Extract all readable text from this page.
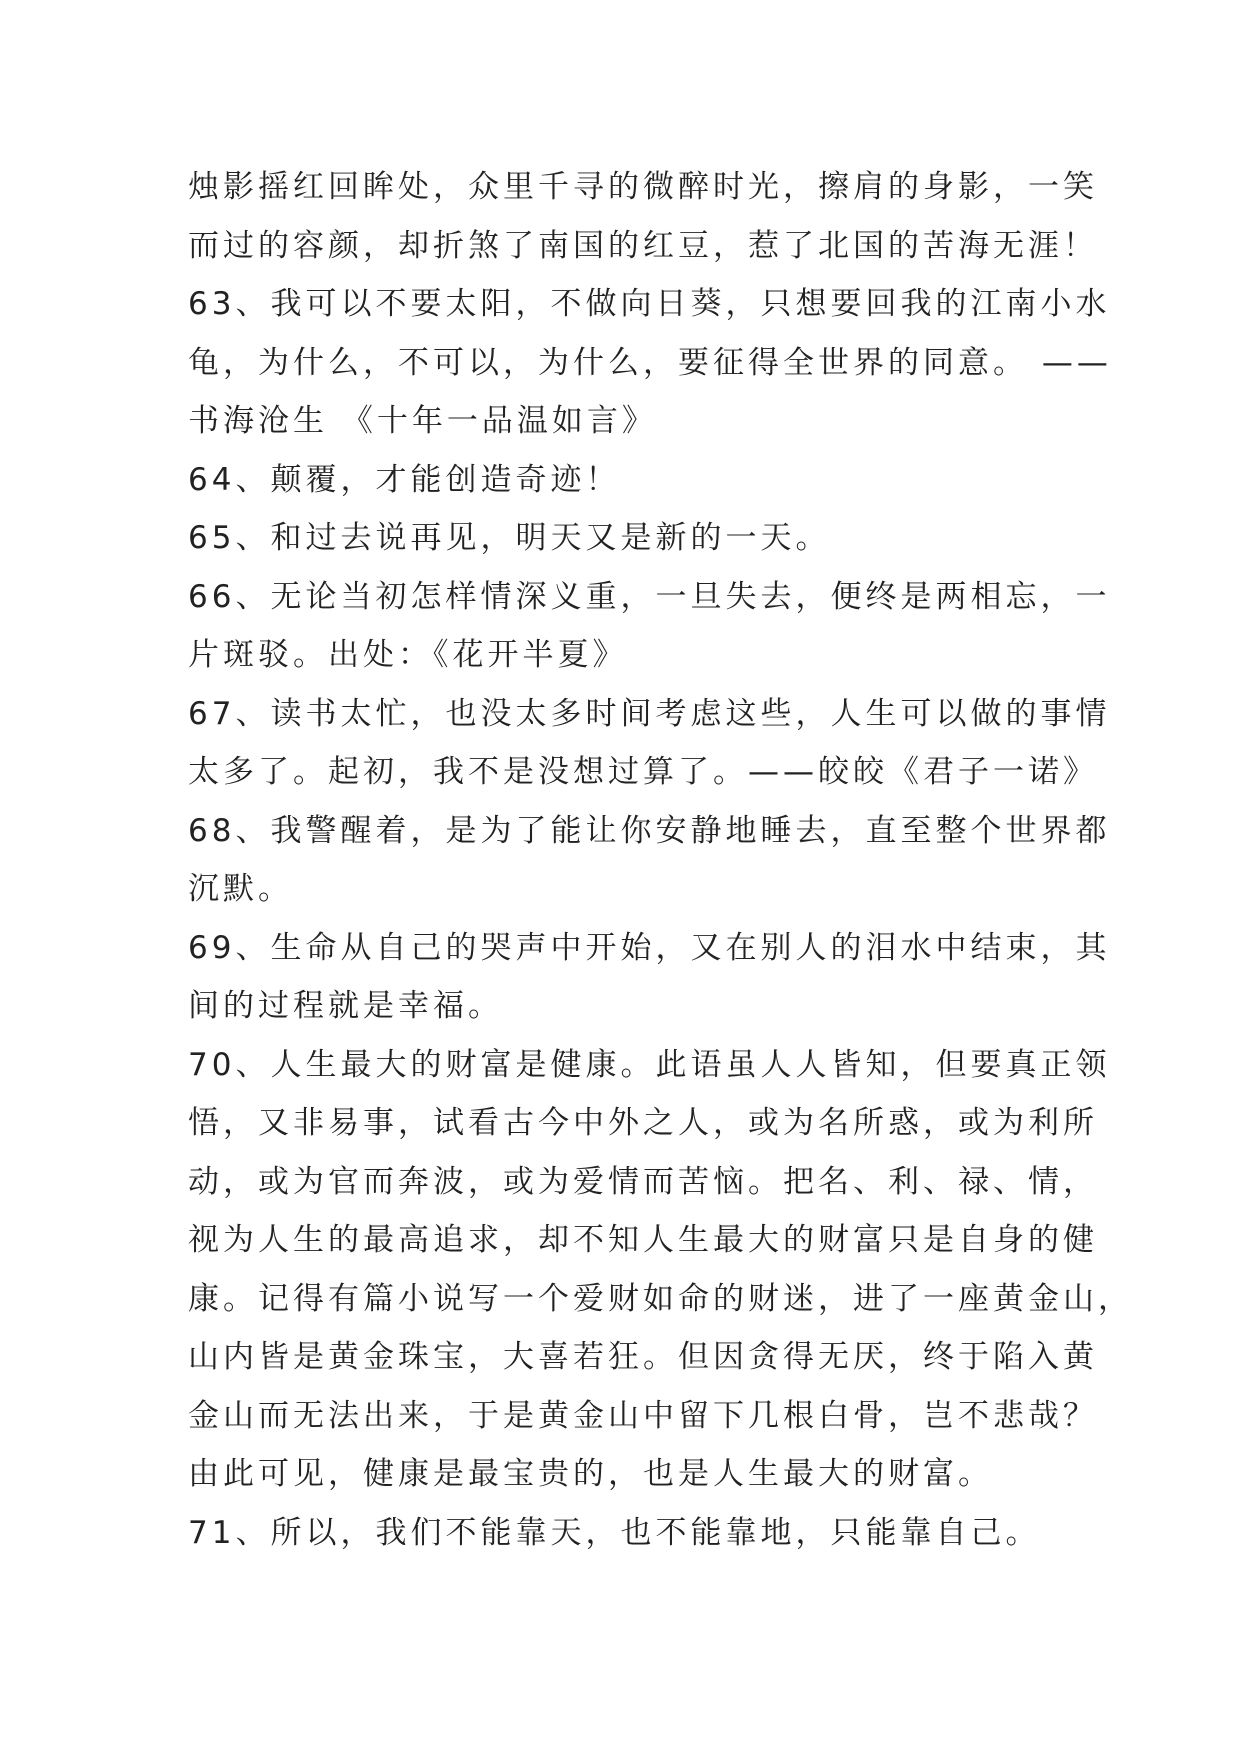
烛影摇红回眸处，众里千寻的微醉时光，擦肩的身影，一笑
而过的容颜，却折煞了南国的红豆，惹了北国的苦海无涯！
63、我可以不要太阳，不做向日葵，只想要回我的江南小水
龟，为什么，不可以，为什么，要征得全世界的同意。 ——
书海沧生 《十年一品温如言》
64、颠覆，才能创造奇迹！
65、和过去说再见，明天又是新的一天。
66、无论当初怎样情深义重，一旦失去，便终是两相忘，一
片斑驳。出处：《花开半夏》
67、读书太忙，也没太多时间考虑这些，人生可以做的事情
太多了。起初，我不是没想过算了。——皎皎《君子一诺》
68、我警醒着，是为了能让你安静地睡去，直至整个世界都
沉默。
69、生命从自己的哭声中开始，又在别人的泪水中结束，其
间的过程就是幸福。
70、人生最大的财富是健康。此语虽人人皆知，但要真正领
悟，又非易事，试看古今中外之人，或为名所惑，或为利所
动，或为官而奔波，或为爱情而苦恼。把名、利、禄、情，
视为人生的最高追求，却不知人生最大的财富只是自身的健
康。记得有篇小说写一个爱财如命的财迷，进了一座黄金山，
山内皆是黄金珠宝，大喜若狂。但因贪得无厌，终于陷入黄
金山而无法出来，于是黄金山中留下几根白骨，岂不悲哉？
由此可见，健康是最宝贵的，也是人生最大的财富。
71、所以，我们不能靠天，也不能靠地，只能靠自己。
